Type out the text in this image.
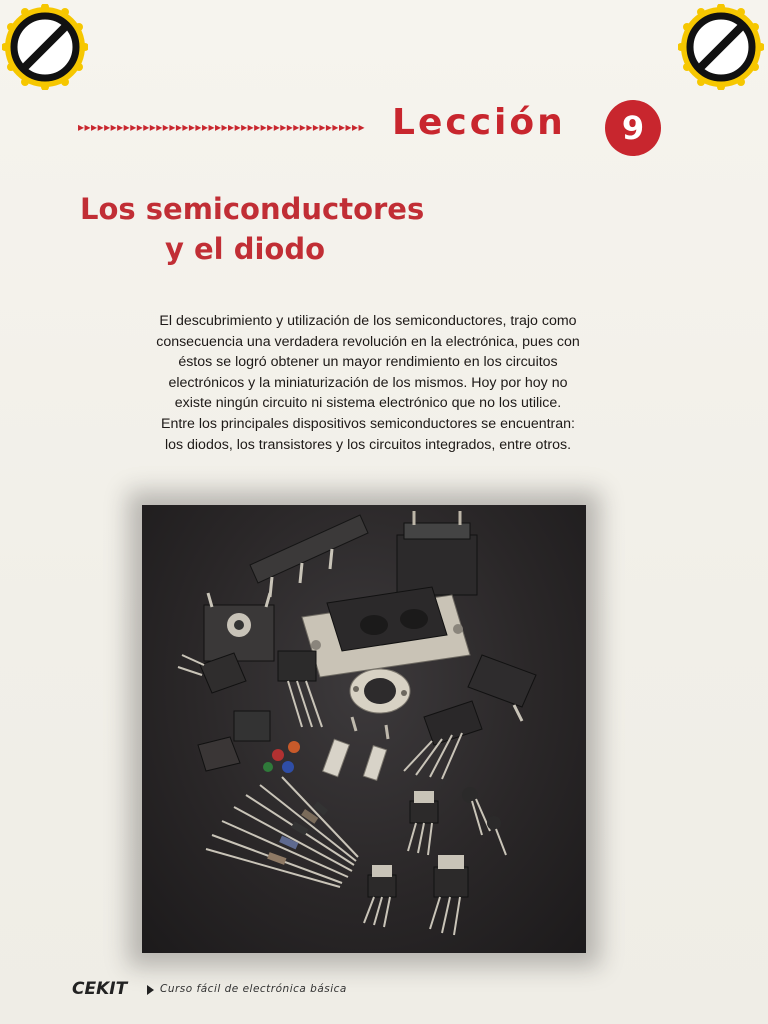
▸▸▸▸▸▸▸▸▸▸▸▸▸▸▸▸▸▸▸▸▸▸▸▸▸▸▸▸▸▸▸▸▸▸▸▸▸▸▸▸▸▸▸▸ Lección	9
Los semiconductores
y el diodo
El descubrimiento y utilización de los semiconductores, trajo como
consecuencia una verdadera revolución en la electrónica, pues con
éstos se logró obtener un mayor rendimiento en los circuitos
electrónicos y la miniaturización de los mismos. Hoy por hoy no
existe ningún circuito ni sistema electrónico que no los utilice.
Entre los principales dispositivos semiconductores se encuentran:
los diodos, los transistores y los circuitos integrados, entre otros.
CEKIT	Curso fácil de electrónica básica
